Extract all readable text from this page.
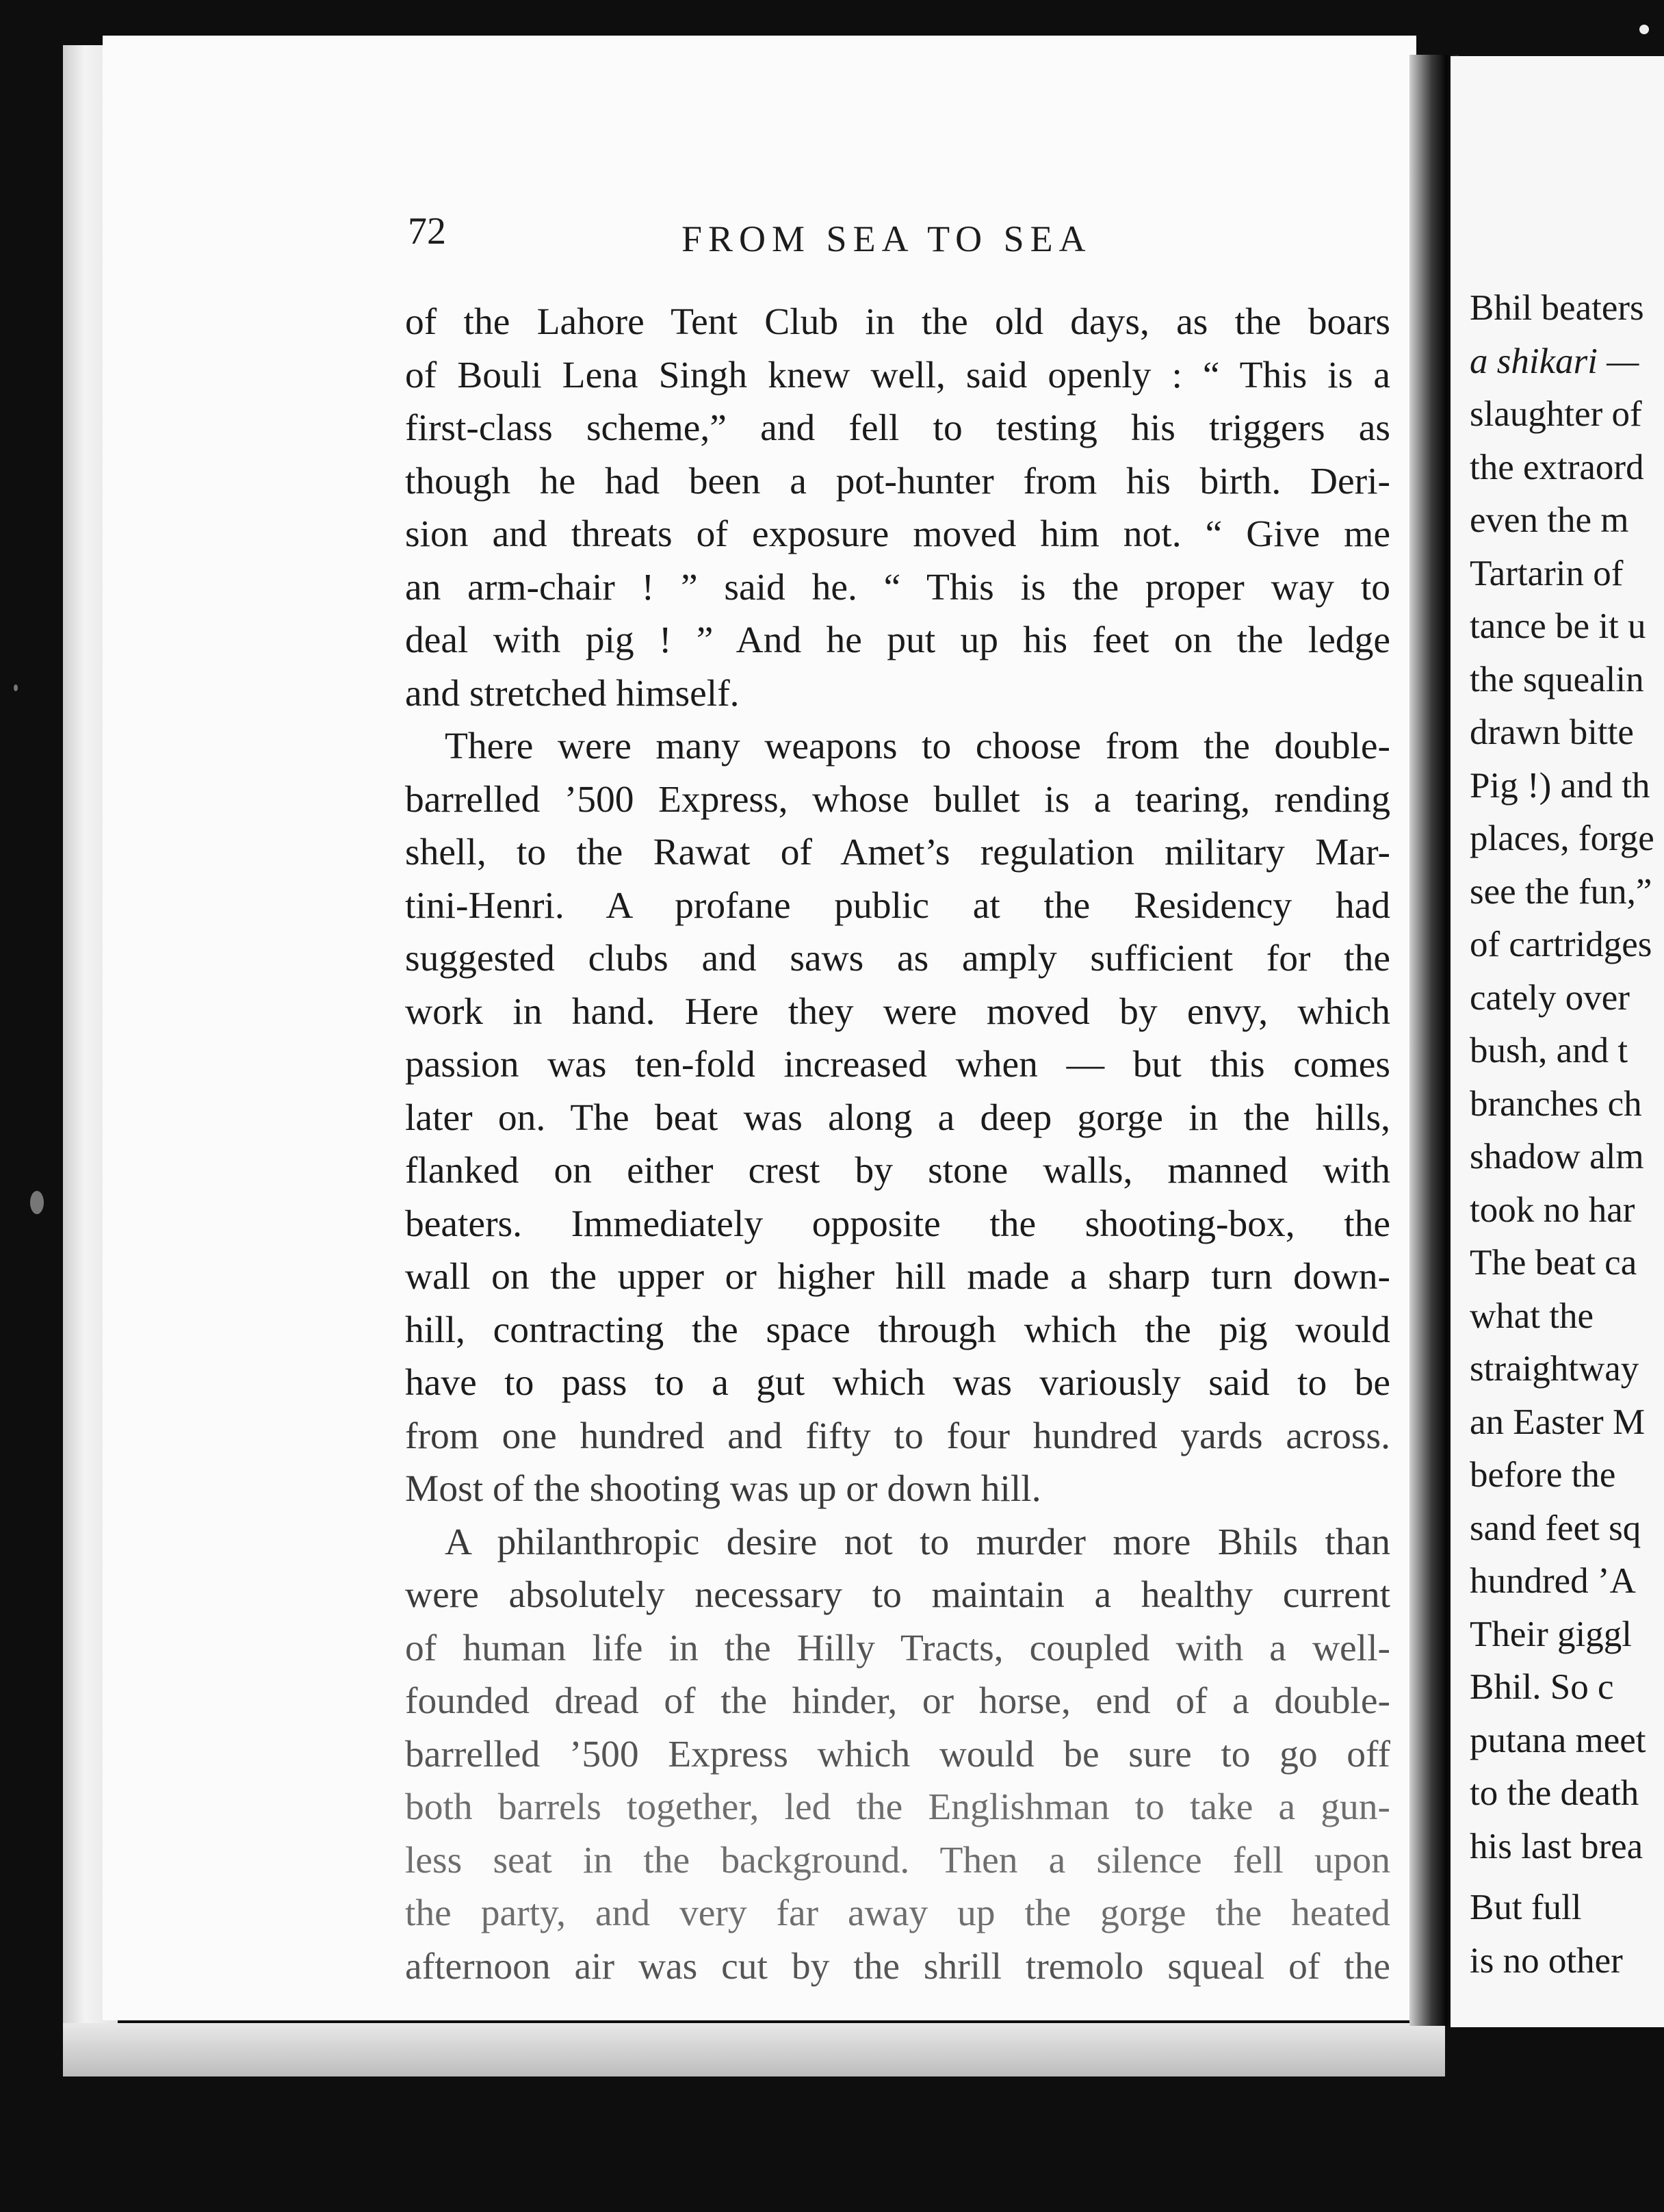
72	FROM SEA TO SEA
of the Lahore Tent Club in the old days, as the boars
of Bouli Lena Singh knew well, said openly : “ This is a
first-class scheme,” and fell to testing his triggers as
though he had been a pot-hunter from his birth. Deri-
sion and threats of exposure moved him not. “ Give me
an arm-chair ! ” said he. “ This is the proper way to
deal with pig ! ” And he put up his feet on the ledge
and stretched himself.
There were many weapons to choose from the double-
barrelled ’500 Express, whose bullet is a tearing, rending
shell, to the Rawat of Amet’s regulation military Mar-
tini-Henri. A profane public at the Residency had
suggested clubs and saws as amply sufficient for the
work in hand. Here they were moved by envy, which
passion was ten-fold increased when — but this comes
later on. The beat was along a deep gorge in the hills,
flanked on either crest by stone walls, manned with
beaters. Immediately opposite the shooting-box, the
wall on the upper or higher hill made a sharp turn down-
hill, contracting the space through which the pig would
have to pass to a gut which was variously said to be
from one hundred and fifty to four hundred yards across.
Most of the shooting was up or down hill.
A philanthropic desire not to murder more Bhils than
were absolutely necessary to maintain a healthy current
of human life in the Hilly Tracts, coupled with a well-
founded dread of the hinder, or horse, end of a double-
barrelled ’500 Express which would be sure to go off
both barrels together, led the Englishman to take a gun-
less seat in the background. Then a silence fell upon
the party, and very far away up the gorge the heated
afternoon air was cut by the shrill tremolo squeal of the
Bhil beaters
a shikari —
slaughter of
the extraord
even the m
Tartarin of
tance be it u
the squealin
drawn bitte
Pig !) and th
places, forge
see the fun,”
of cartridges
cately over
bush, and t
branches ch
shadow alm
took no har
The beat ca
what the
straightway
an Easter M
before the
sand feet sq
hundred ’A
Their giggl
Bhil. So c
putana meet
to the death
his last brea
But full
is no other
